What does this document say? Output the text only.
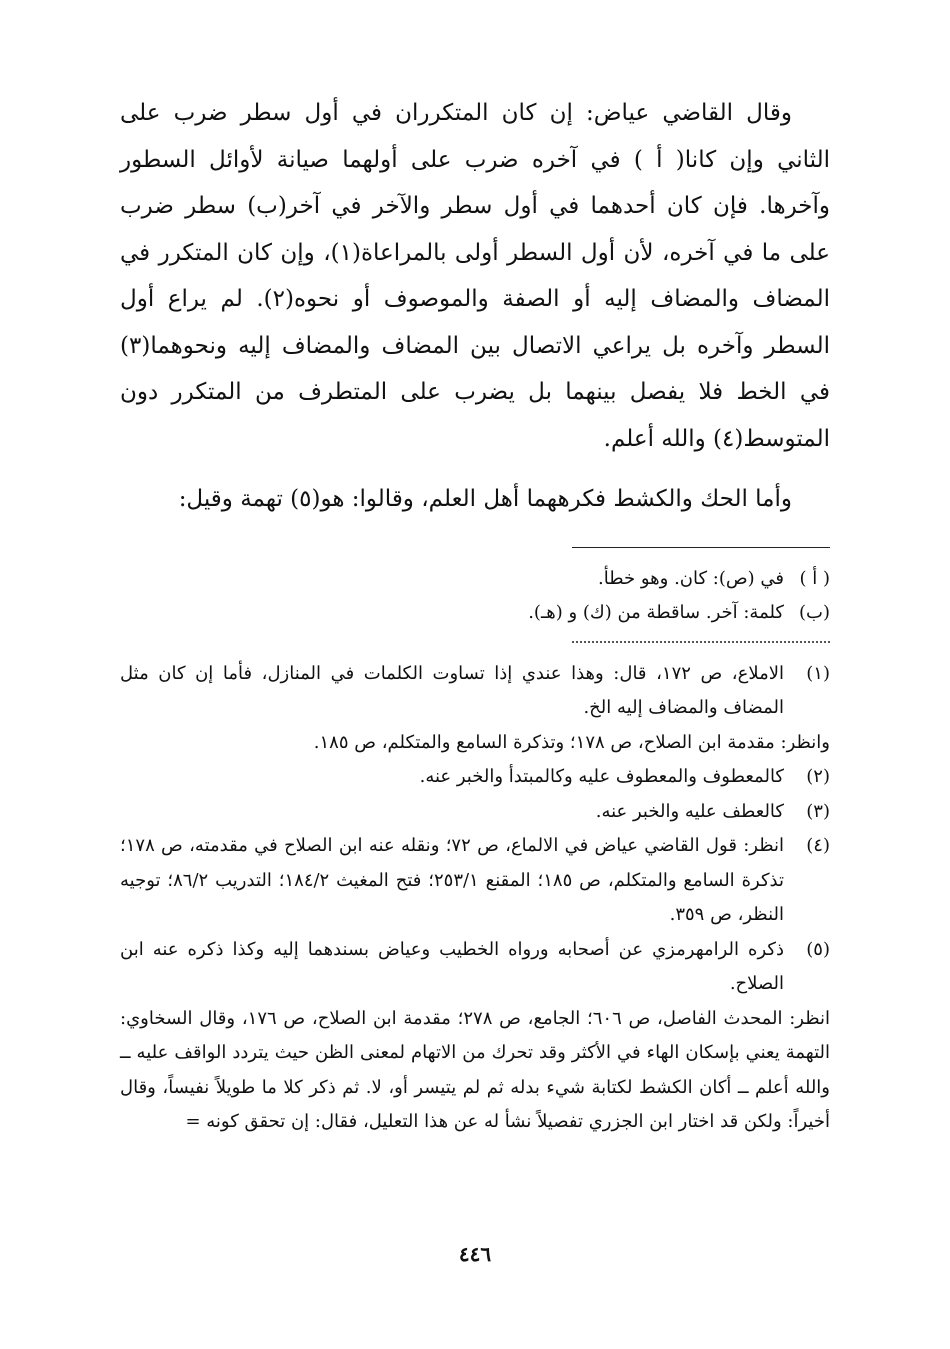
وقال القاضي عياض: إن كان المتكرران في أول سطر ضرب على الثاني وإن كانا( أ ) في آخره ضرب على أولهما صيانة لأوائل السطور وآخرها. فإن كان أحدهما في أول سطر والآخر في آخر(ب) سطر ضرب على ما في آخره، لأن أول السطر أولى بالمراعاة(١)، وإن كان المتكرر في المضاف والمضاف إليه أو الصفة والموصوف أو نحوه(٢). لم يراع أول السطر وآخره بل يراعي الاتصال بين المضاف والمضاف إليه ونحوهما(٣) في الخط فلا يفصل بينهما بل يضرب على المتطرف من المتكرر دون المتوسط(٤) والله أعلم.

وأما الحك والكشط فكرههما أهل العلم، وقالوا: هو(٥) تهمة وقيل:

( أ )
في (ص): كان. وهو خطأ.
(ب)
كلمة: آخر. ساقطة من (ك) و (هـ).
(١)
الاملاع، ص ١٧٢، قال: وهذا عندي إذا تساوت الكلمات في المنازل، فأما إن كان مثل المضاف والمضاف إليه الخ.
وانظر: مقدمة ابن الصلاح، ص ١٧٨؛ وتذكرة السامع والمتكلم، ص ١٨٥.
(٢)
كالمعطوف والمعطوف عليه وكالمبتدأ والخبر عنه.
(٣)
كالعطف عليه والخبر عنه.
(٤)
انظر: قول القاضي عياض في الالماع، ص ٧٢؛ ونقله عنه ابن الصلاح في مقدمته، ص ١٧٨؛ تذكرة السامع والمتكلم، ص ١٨٥؛ المقنع ٢٥٣/١؛ فتح المغيث ١٨٤/٢؛ التدريب ٨٦/٢؛ توجيه النظر، ص ٣٥٩.
(٥)
ذكره الرامهرمزي عن أصحابه ورواه الخطيب وعياض بسندهما إليه وكذا ذكره عنه ابن الصلاح.
انظر: المحدث الفاصل، ص ٦٠٦؛ الجامع، ص ٢٧٨؛ مقدمة ابن الصلاح، ص ١٧٦، وقال السخاوي: التهمة يعني بإسكان الهاء في الأكثر وقد تحرك من الاتهام لمعنى الظن حيث يتردد الواقف عليه ــ والله أعلم ــ أكان الكشط لكتابة شيء بدله ثم لم يتيسر أو، لا. ثم ذكر كلا ما طويلاً نفيساً، وقال أخيراً: ولكن قد اختار ابن الجزري تفصيلاً نشأ له عن هذا التعليل، فقال: إن تحقق كونه =
٤٤٦
